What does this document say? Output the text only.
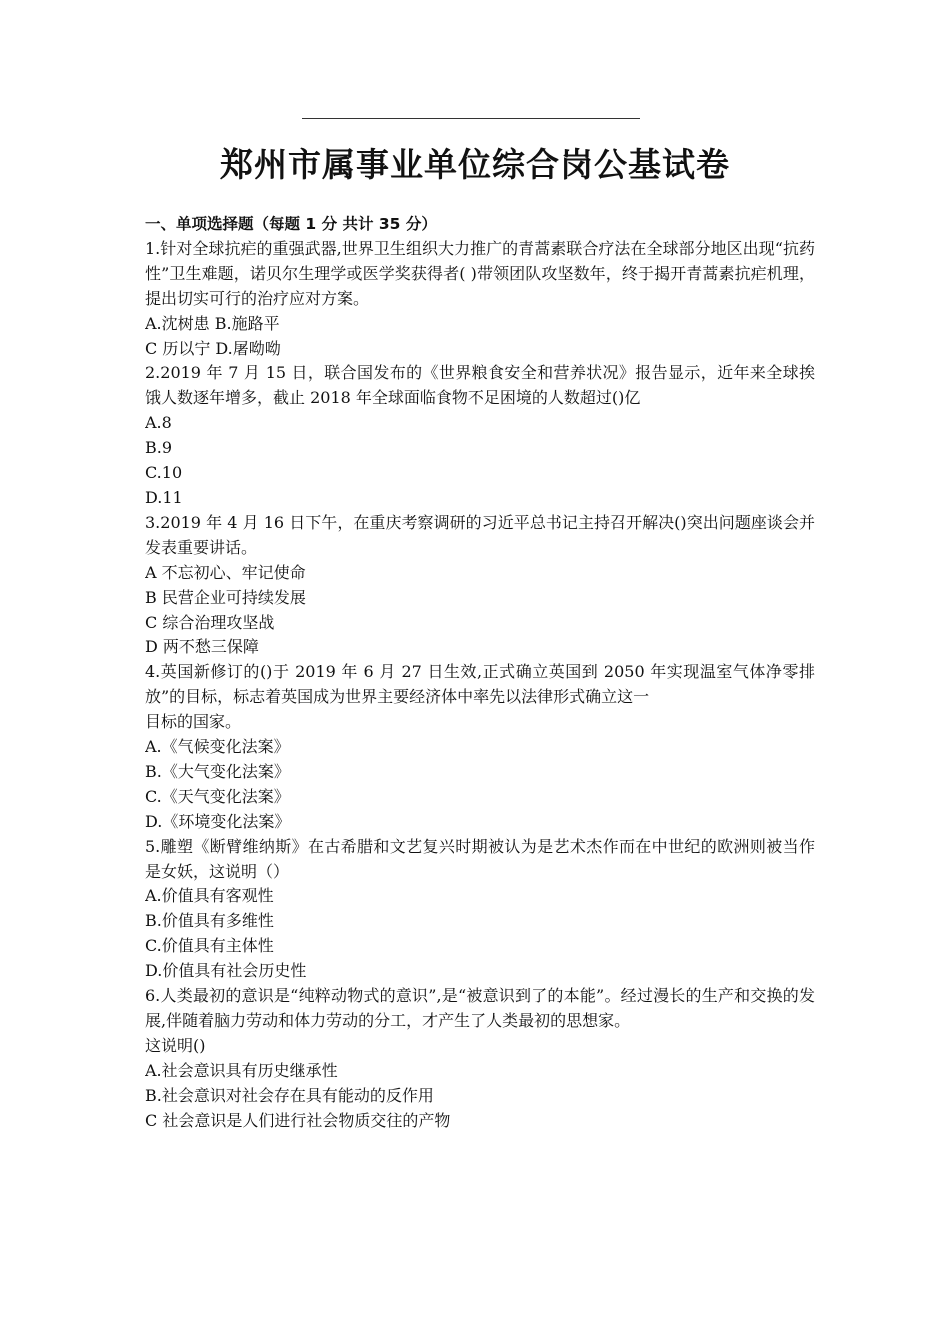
郑州市属事业单位综合岗公基试卷

一、单项选择题（每题 1 分 共计 35 分）

1.针对全球抗疟的重强武器,世界卫生组织大力推广的青蒿素联合疗法在全球部分地区出现“抗药性”卫生难题，诺贝尔生理学或医学奖获得者( )带领团队攻坚数年，终于揭开青蒿素抗疟机理，提出切实可行的治疗应对方案。

A.沈树患 B.施路平

C 历以宁 D.屠呦呦

2.2019 年 7 月 15 日，联合国发布的《世界粮食安全和营养状况》报告显示，近年来全球挨饿人数逐年增多，截止 2018 年全球面临食物不足困境的人数超过()亿

A.8

B.9

C.10

D.11

3.2019 年 4 月 16 日下午，在重庆考察调研的习近平总书记主持召开解决()突出问题座谈会并发表重要讲话。

A 不忘初心、牢记使命

B 民营企业可持续发展

C 综合治理攻坚战

D 两不愁三保障

4.英国新修订的()于 2019 年 6 月 27 日生效,正式确立英国到 2050 年实现温室气体净零排放”的目标，标志着英国成为世界主要经济体中率先以法律形式确立这一

目标的国家。

A.《气候变化法案》

B.《大气变化法案》

C.《天气变化法案》

D.《环境变化法案》

5.雕塑《断臂维纳斯》在古希腊和文艺复兴时期被认为是艺术杰作而在中世纪的欧洲则被当作是女妖，这说明（）

A.价值具有客观性

B.价值具有多维性

C.价值具有主体性

D.价值具有社会历史性

6.人类最初的意识是“纯粹动物式的意识”,是“被意识到了的本能”。经过漫长的生产和交换的发展,伴随着脑力劳动和体力劳动的分工，才产生了人类最初的思想家。

这说明()

A.社会意识具有历史继承性

B.社会意识对社会存在具有能动的反作用

C 社会意识是人们进行社会物质交往的产物
